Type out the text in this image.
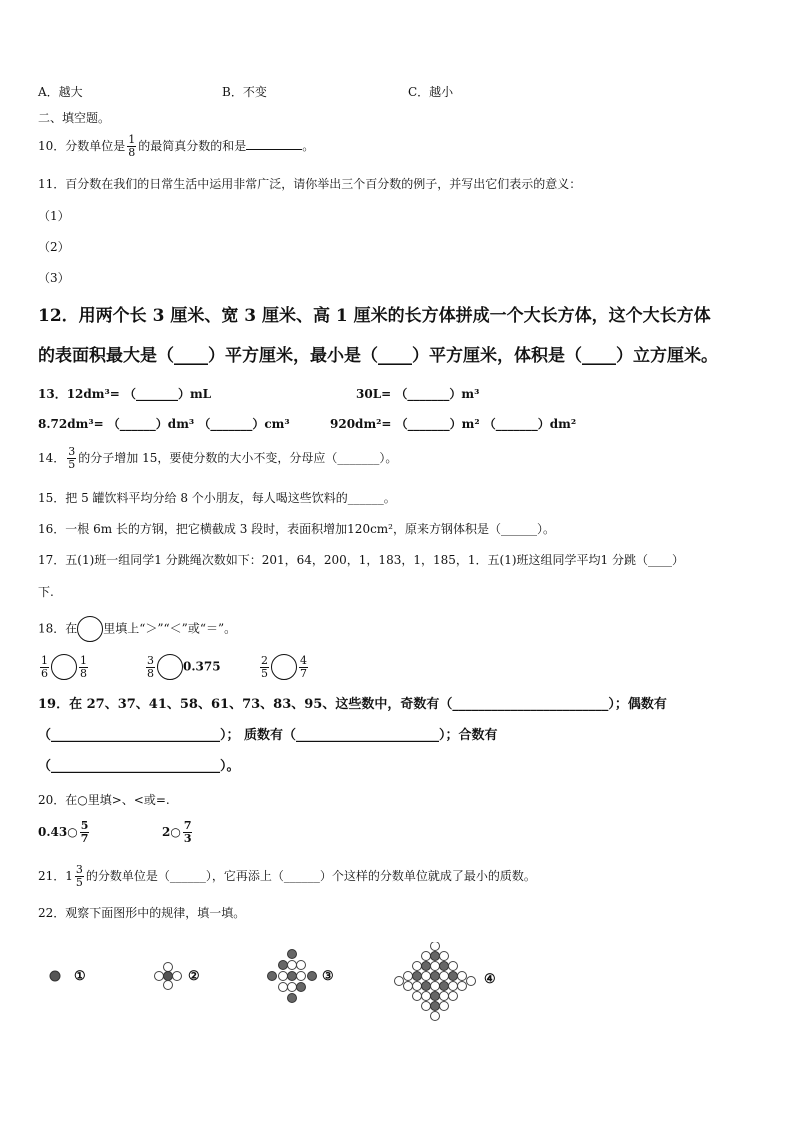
A．越大	B．不变	C．越小
二、填空题。
10．分数单位是 $\frac{1}{8}$ 的最简真分数的和是	。
11．百分数在我们的日常生活中运用非常广泛，请你举出三个百分数的例子，并写出它们表示的意义：
（1）
（2）
（3）
12．用两个长 3 厘米、宽 3 厘米、高 1 厘米的长方体拼成一个大长方体，这个大长方体
的表面积最大是（____）平方厘米，最小是（____）平方厘米，体积是（____）立方厘米。
13．12dm³= （_______）mL	30L= （_______）m³
8.72dm³= （______）dm³ （_______）cm³	920dm²= （_______）m² （_______）dm²
14． $\frac{3}{5}$ 的分子增加 15，要使分数的大小不变，分母应（_______）。
15．把 5 罐饮料平均分给 8 个小朋友，每人喝这些饮料的______。
16．一根 6m 长的方钢，把它横截成 3 段时，表面积增加120cm²，原来方钢体积是（______）。
17．五(1)班一组同学1 分跳绳次数如下：201，64，200，1，183，1，185，1．五(1)班这组同学平均1 分跳（____）
下.
18．在 里填上“＞”“＜”或“＝”。
$\frac{1}{6}$	$\frac{1}{8}$	$\frac{3}{8} 0.375$	$\frac{2}{5}$	$\frac{4}{7}$
19．在 27、37、41、58、61、73、83、95、这些数中，奇数有（________________________）；偶数有
（__________________________）； 质数有（______________________）；合数有
（__________________________）。
20．在○里填>、<或=.
0.43○ $\frac{5}{7}$	2○ $\frac{7}{3}$
21．$1 \frac{3}{5}$ 的分数单位是（______），它再添上（______）个这样的分数单位就成了最小的质数。
22．观察下面图形中的规律，填一填。
①	②	③	④
